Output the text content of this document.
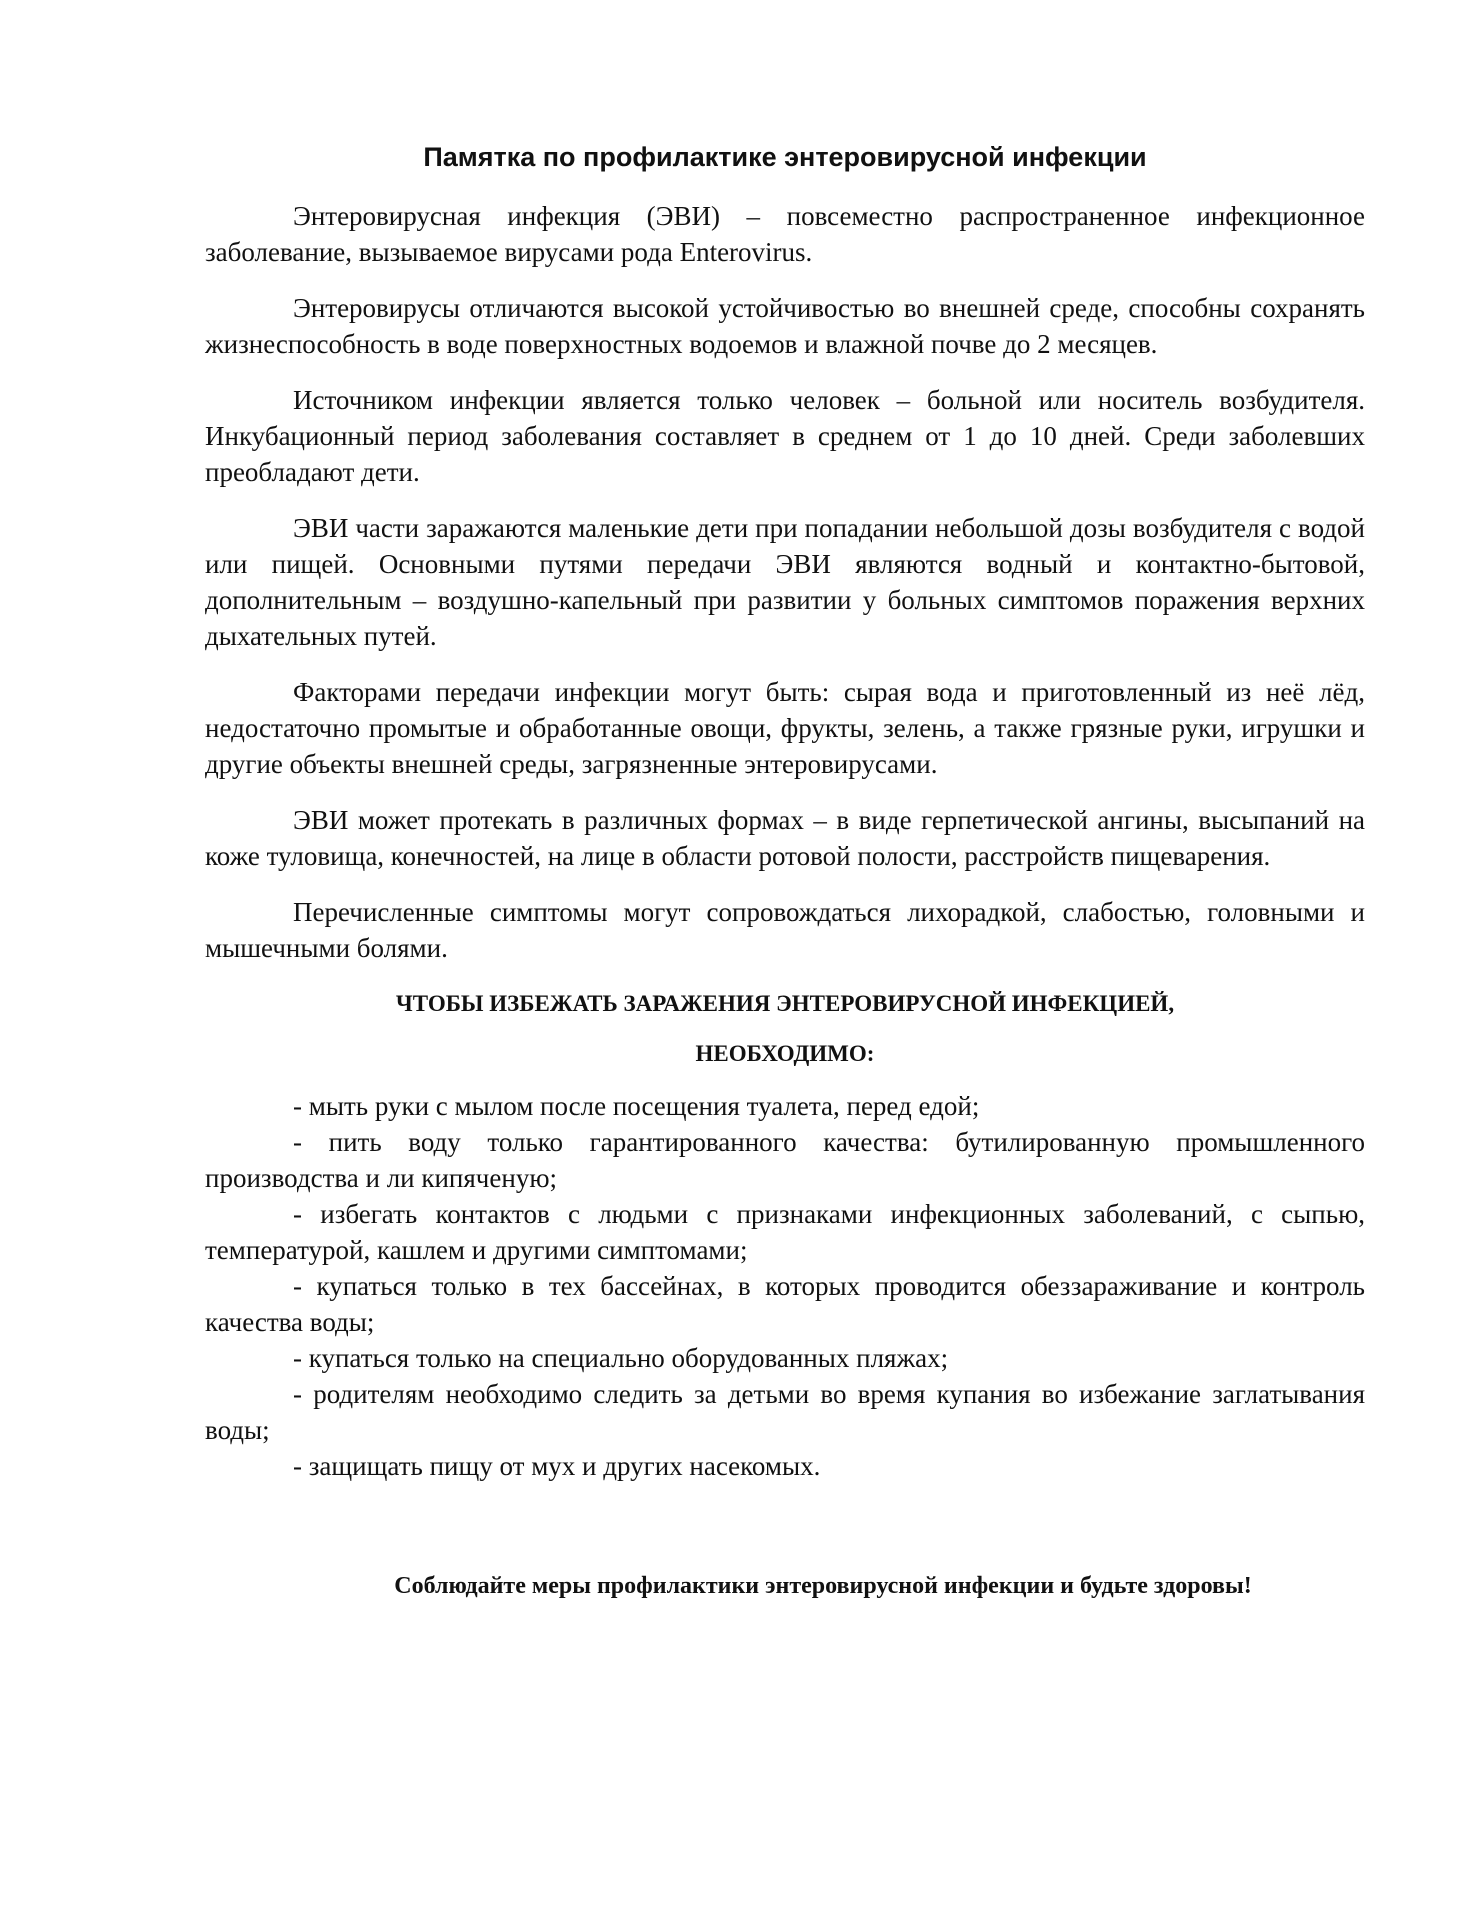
Памятка по профилактике энтеровирусной инфекции

Энтеровирусная инфекция (ЭВИ) – повсеместно распространенное инфекционное заболевание, вызываемое вирусами рода Enterovirus.

Энтеровирусы отличаются высокой устойчивостью во внешней среде, способны сохранять жизнеспособность в воде поверхностных водоемов и влажной почве до 2 месяцев.

Источником инфекции является только человек – больной или носитель возбудителя. Инкубационный период заболевания составляет в среднем от 1 до 10 дней. Среди заболевших преобладают дети.

ЭВИ части заражаются маленькие дети при попадании небольшой дозы возбудителя с водой или пищей. Основными путями передачи ЭВИ являются водный и контактно-бытовой, дополнительным – воздушно-капельный при развитии у больных симптомов поражения верхних дыхательных путей.

Факторами передачи инфекции могут быть: сырая вода и приготовленный из неё лёд, недостаточно промытые и обработанные овощи, фрукты, зелень, а также грязные руки, игрушки и другие объекты внешней среды, загрязненные энтеровирусами.

ЭВИ может протекать в различных формах – в виде герпетической ангины, высыпаний на коже туловища, конечностей, на лице в области ротовой полости, расстройств пищеварения.

Перечисленные симптомы могут сопровождаться лихорадкой, слабостью, головными и мышечными болями.

ЧТОБЫ ИЗБЕЖАТЬ ЗАРАЖЕНИЯ ЭНТЕРОВИРУСНОЙ ИНФЕКЦИЕЙ,
НЕОБХОДИМО:

- мыть руки с мылом после посещения туалета, перед едой;

- пить воду только гарантированного качества: бутилированную промышленного производства и ли кипяченую;

- избегать контактов с людьми с признаками инфекционных заболеваний, с сыпью, температурой, кашлем и другими симптомами;

- купаться только в тех бассейнах, в которых проводится обеззараживание и контроль качества воды;

- купаться только на специально оборудованных пляжах;

- родителям необходимо следить за детьми во время купания во избежание заглатывания воды;

- защищать пищу от мух и других насекомых.

Соблюдайте меры профилактики энтеровирусной инфекции и будьте здоровы!
